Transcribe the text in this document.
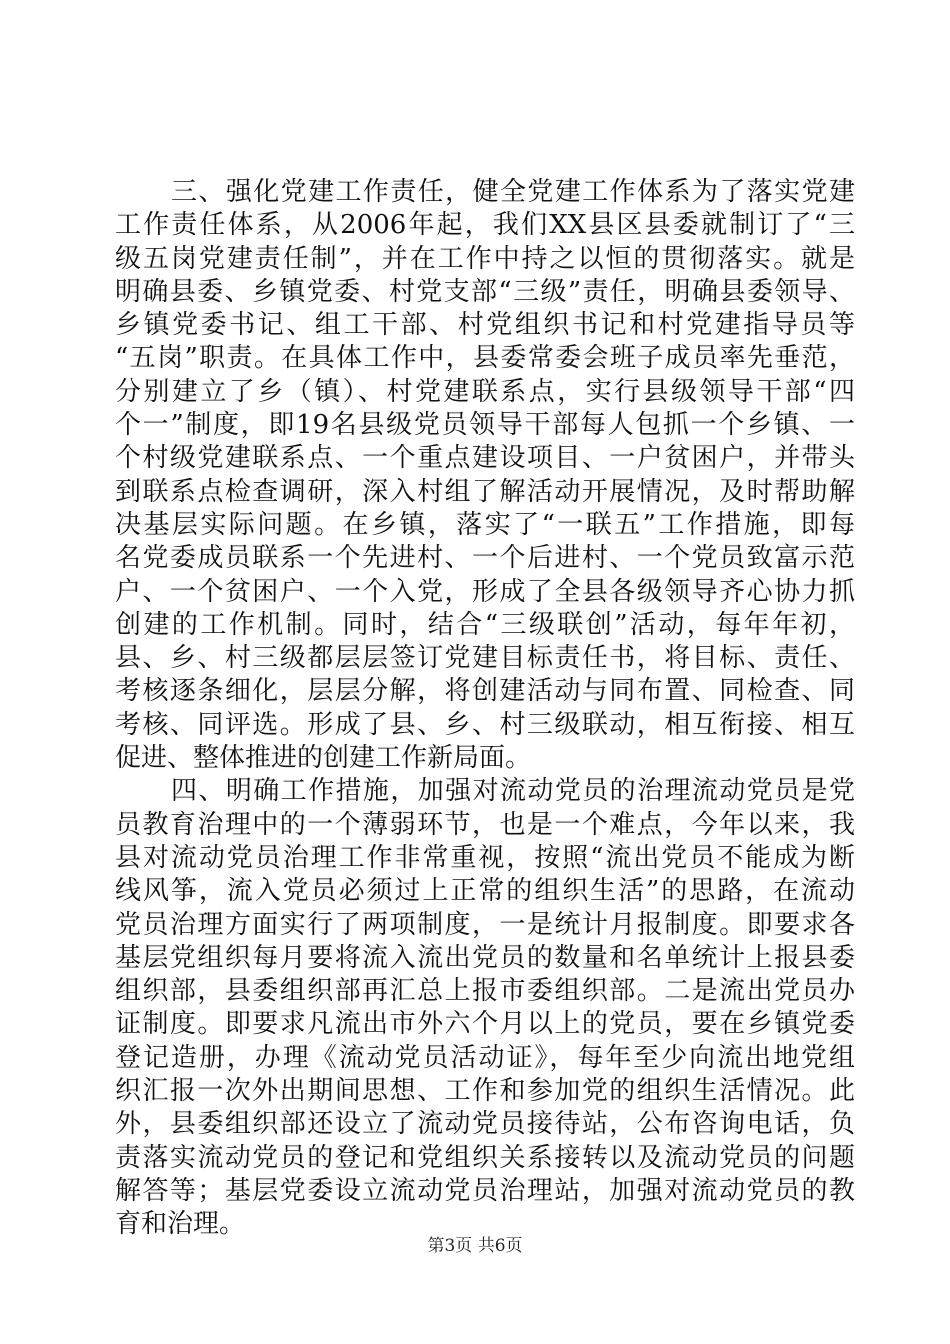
三、强化党建工作责任，健全党建工作体系为了落实党建
工作责任体系，从2006年起，我们XX县区县委就制订了“三
级五岗党建责任制”，并在工作中持之以恒的贯彻落实。就是
明确县委、乡镇党委、村党支部“三级”责任，明确县委领导、
乡镇党委书记、组工干部、村党组织书记和村党建指导员等
“五岗”职责。在具体工作中，县委常委会班子成员率先垂范，
分别建立了乡（镇）、村党建联系点，实行县级领导干部“四
个一”制度，即19名县级党员领导干部每人包抓一个乡镇、一
个村级党建联系点、一个重点建设项目、一户贫困户，并带头
到联系点检查调研，深入村组了解活动开展情况，及时帮助解
决基层实际问题。在乡镇，落实了“一联五”工作措施，即每
名党委成员联系一个先进村、一个后进村、一个党员致富示范
户、一个贫困户、一个入党，形成了全县各级领导齐心协力抓
创建的工作机制。同时，结合“三级联创”活动，每年年初，
县、乡、村三级都层层签订党建目标责任书，将目标、责任、
考核逐条细化，层层分解，将创建活动与同布置、同检查、同
考核、同评选。形成了县、乡、村三级联动，相互衔接、相互
促进、整体推进的创建工作新局面。
四、明确工作措施，加强对流动党员的治理流动党员是党
员教育治理中的一个薄弱环节，也是一个难点，今年以来，我
县对流动党员治理工作非常重视，按照“流出党员不能成为断
线风筝，流入党员必须过上正常的组织生活”的思路，在流动
党员治理方面实行了两项制度，一是统计月报制度。即要求各
基层党组织每月要将流入流出党员的数量和名单统计上报县委
组织部，县委组织部再汇总上报市委组织部。二是流出党员办
证制度。即要求凡流出市外六个月以上的党员，要在乡镇党委
登记造册，办理《流动党员活动证》，每年至少向流出地党组
织汇报一次外出期间思想、工作和参加党的组织生活情况。此
外，县委组织部还设立了流动党员接待站，公布咨询电话，负
责落实流动党员的登记和党组织关系接转以及流动党员的问题
解答等；基层党委设立流动党员治理站，加强对流动党员的教
育和治理。
第3页 共6页
